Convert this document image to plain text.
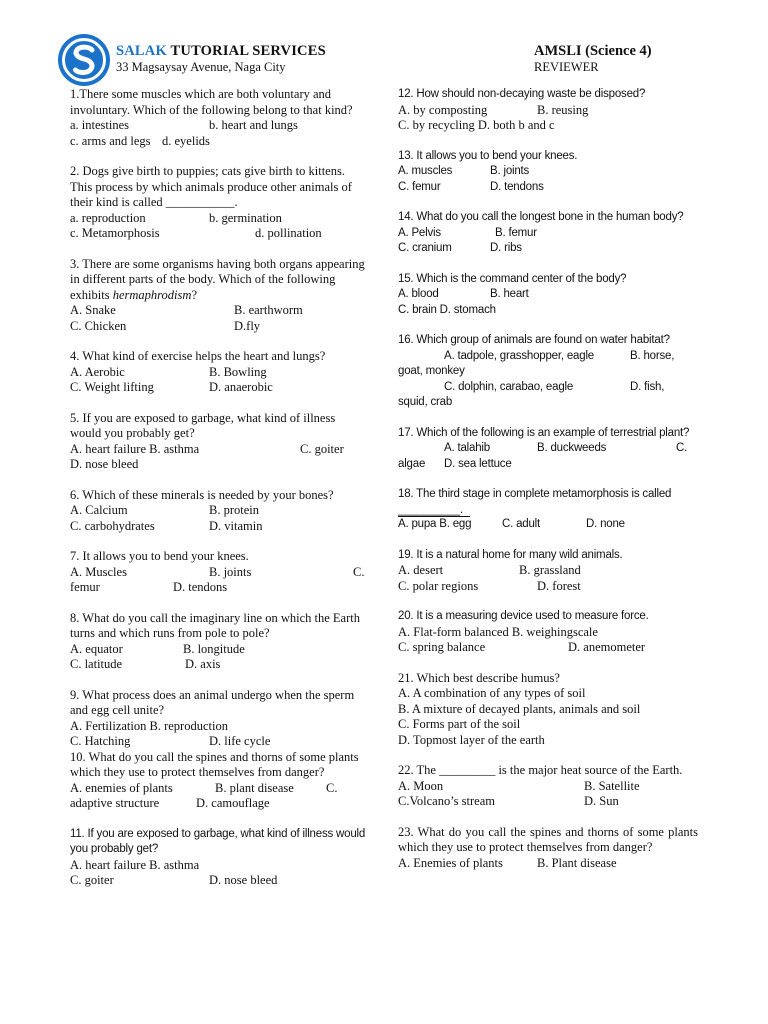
SALAK TUTORIAL SERVICES
33 Magsaysay Avenue, Naga City
AMSLI (Science 4)
REVIEWER
1.There some muscles which are both voluntary and involuntary. Which of the following belong to that kind?
a. intestines	b. heart and lungs
c. arms and legs d. eyelids
2. Dogs give birth to puppies; cats give birth to kittens. This process by which animals produce other animals of their kind is called ___________.
a. reproduction	b. germination
c. Metamorphosis	d. pollination
3. There are some organisms having both organs appearing in different parts of the body. Which of the following exhibits hermaphrodism?
A. Snake	B. earthworm
C. Chicken	D.fly
4. What kind of exercise helps the heart and lungs?
A. Aerobic	B. Bowling
C. Weight lifting	D. anaerobic
5. If you are exposed to garbage, what kind of illness would you probably get?
A. heart failure B. asthma	C. goiter
D. nose bleed
6. Which of these minerals is needed by your bones?
A. Calcium	B. protein
C. carbohydrates	D. vitamin
7. It allows you to bend your knees.
A. Muscles	B. joints	C.
femur	D. tendons
8. What do you call the imaginary line on which the Earth turns and which runs from pole to pole?
A. equator	B. longitude
C. latitude	D. axis
9. What process does an animal undergo when the sperm and egg cell unite?
A. Fertilization B. reproduction
C. Hatching	D. life cycle
10. What do you call the spines and thorns of some plants which they use to protect themselves from danger?
A. enemies of plants	B. plant disease	C.
adaptive structure	D. camouflage
11. If you are exposed to garbage, what kind of illness would you probably get?
A. heart failure B. asthma
C. goiter	D. nose bleed
12. How should non-decaying waste be disposed?
A. by composting	B. reusing
C. by recycling D. both b and c
13. It allows you to bend your knees.
A. muscles	B. joints
C. femur	D. tendons
14. What do you call the longest bone in the human body?
A. Pelvis	B. femur
C. cranium	D. ribs
15. Which is the command center of the body?
A. blood	B. heart
C. brain D. stomach
16. Which group of animals are found on water habitat?
A. tadpole, grasshopper, eagle	B. horse,
goat, monkey
C. dolphin, carabao, eagle	D. fish,
squid, crab
17. Which of the following is an example of terrestrial plant?
A. talahib	B. duckweeds	C.
algae D. sea lettuce
18. The third stage in complete metamorphosis is called __________.
A. pupa B. egg	C. adult	D. none
19. It is a natural home for many wild animals.
A. desert	B. grassland
C. polar regions	D. forest
20. It is a measuring device used to measure force.
A. Flat-form balanced B. weighingscale
C. spring balance	D. anemometer
21. Which best describe humus?
A. A combination of any types of soil
B. A mixture of decayed plants, animals and soil
C. Forms part of the soil
D. Topmost layer of the earth
22. The _________ is the major heat source of the Earth.
A. Moon	B. Satellite
C.Volcano’s stream	D. Sun
23. What do you call the spines and thorns of some plants which they use to protect themselves from danger?
A. Enemies of plants	B. Plant disease
